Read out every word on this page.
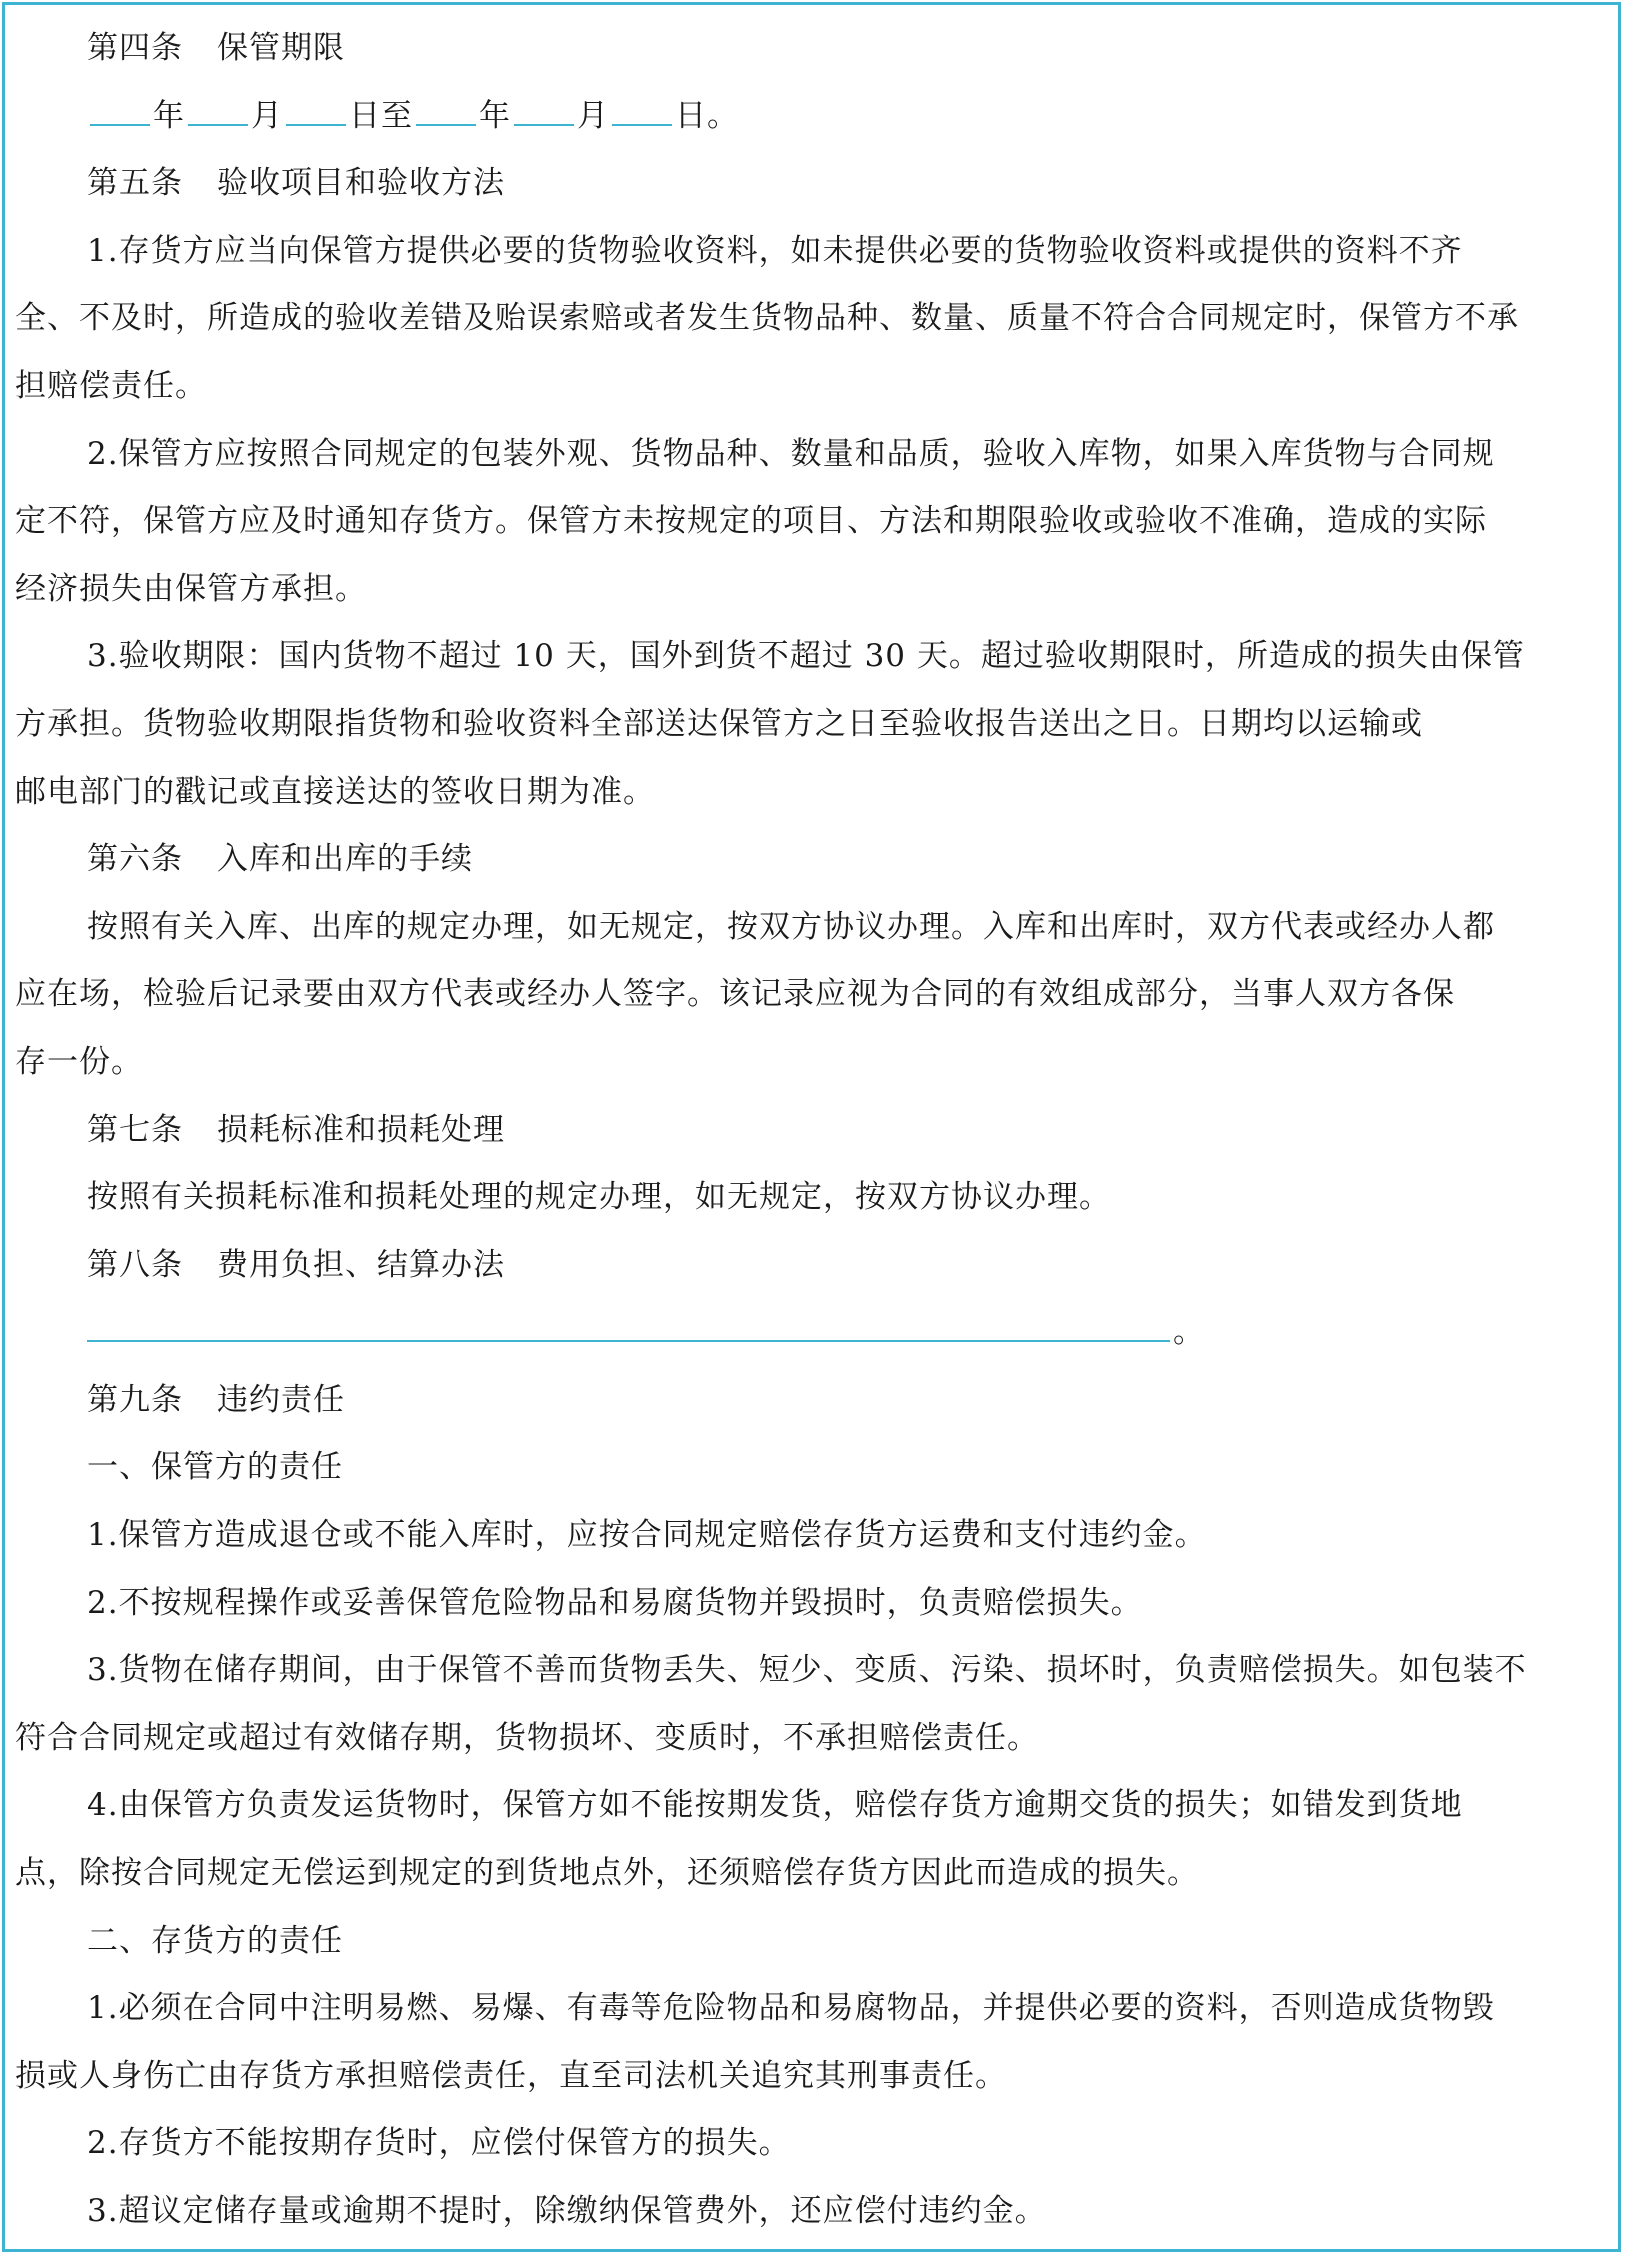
第四条 保管期限
年 月 日至 年 月 日。
第五条 验收项目和验收方法
1.存货方应当向保管方提供必要的货物验收资料，如未提供必要的货物验收资料或提供的资料不齐
全、不及时，所造成的验收差错及贻误索赔或者发生货物品种、数量、质量不符合合同规定时，保管方不承
担赔偿责任。
2.保管方应按照合同规定的包装外观、货物品种、数量和品质，验收入库物，如果入库货物与合同规
定不符，保管方应及时通知存货方。保管方未按规定的项目、方法和期限验收或验收不准确，造成的实际
经济损失由保管方承担。
3.验收期限：国内货物不超过 10 天，国外到货不超过 30 天。超过验收期限时，所造成的损失由保管
方承担。货物验收期限指货物和验收资料全部送达保管方之日至验收报告送出之日。日期均以运输或
邮电部门的戳记或直接送达的签收日期为准。
第六条 入库和出库的手续
按照有关入库、出库的规定办理，如无规定，按双方协议办理。入库和出库时，双方代表或经办人都
应在场，检验后记录要由双方代表或经办人签字。该记录应视为合同的有效组成部分，当事人双方各保
存一份。
第七条 损耗标准和损耗处理
按照有关损耗标准和损耗处理的规定办理，如无规定，按双方协议办理。
第八条 费用负担、结算办法
。
第九条 违约责任
一、保管方的责任
1.保管方造成退仓或不能入库时，应按合同规定赔偿存货方运费和支付违约金。
2.不按规程操作或妥善保管危险物品和易腐货物并毁损时，负责赔偿损失。
3.货物在储存期间，由于保管不善而货物丢失、短少、变质、污染、损坏时，负责赔偿损失。如包装不
符合合同规定或超过有效储存期，货物损坏、变质时，不承担赔偿责任。
4.由保管方负责发运货物时，保管方如不能按期发货，赔偿存货方逾期交货的损失；如错发到货地
点，除按合同规定无偿运到规定的到货地点外，还须赔偿存货方因此而造成的损失。
二、存货方的责任
1.必须在合同中注明易燃、易爆、有毒等危险物品和易腐物品，并提供必要的资料，否则造成货物毁
损或人身伤亡由存货方承担赔偿责任，直至司法机关追究其刑事责任。
2.存货方不能按期存货时，应偿付保管方的损失。
3.超议定储存量或逾期不提时，除缴纳保管费外，还应偿付违约金。
